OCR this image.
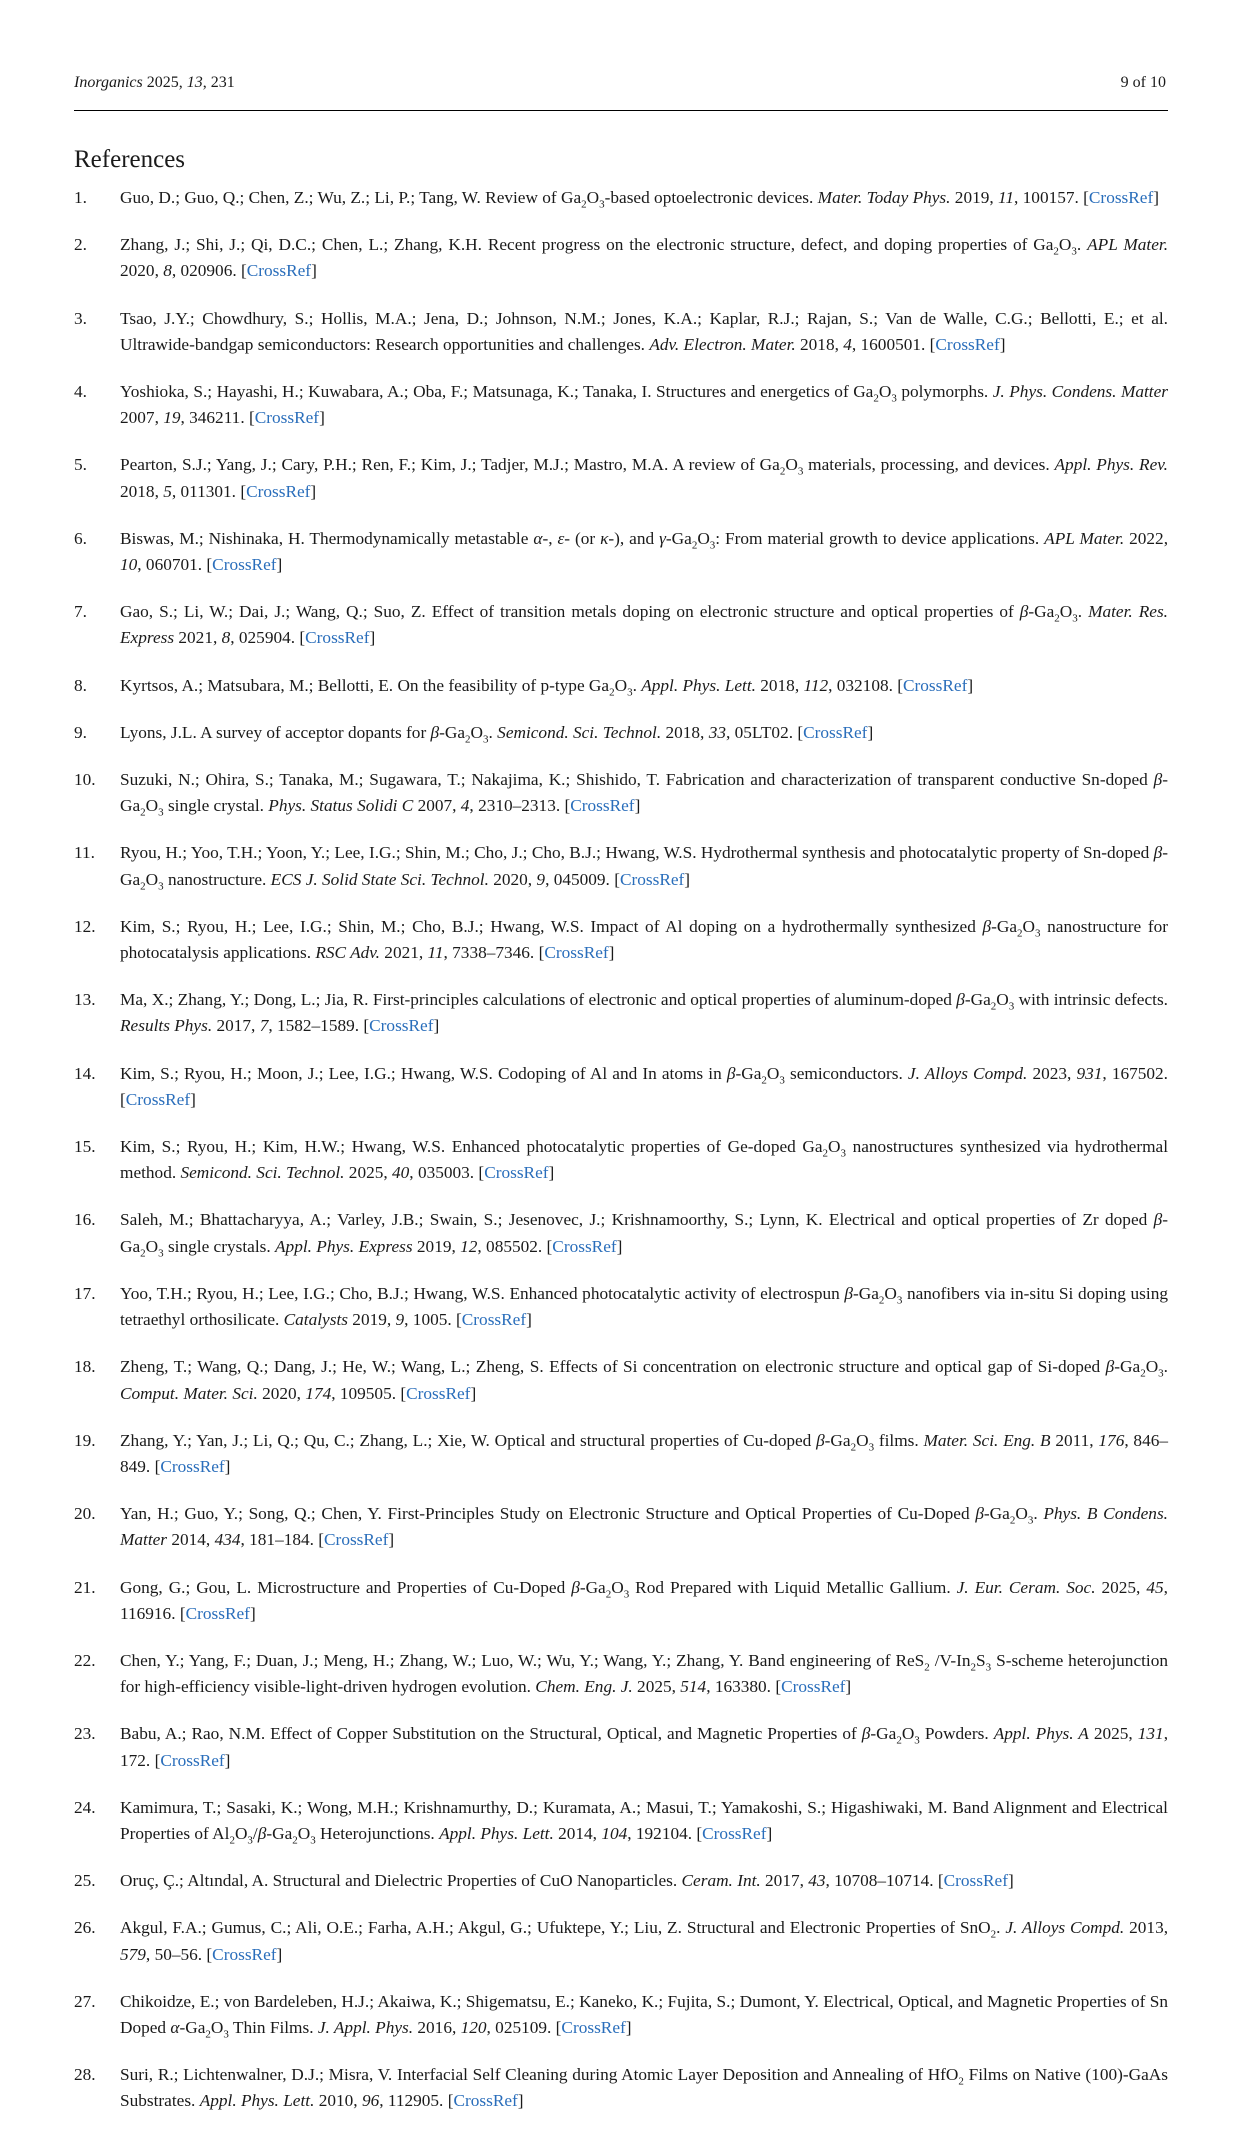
Inorganics 2025, 13, 231	9 of 10
References
1. Guo, D.; Guo, Q.; Chen, Z.; Wu, Z.; Li, P.; Tang, W. Review of $Ga_2O_3$-based optoelectronic devices. Mater. Today Phys. 2019, 11, 100157. [CrossRef]
2. Zhang, J.; Shi, J.; Qi, D.C.; Chen, L.; Zhang, K.H. Recent progress on the electronic structure, defect, and doping properties of $Ga_2O_3$. APL Mater. 2020, 8, 020906. [CrossRef]
3. Tsao, J.Y.; Chowdhury, S.; Hollis, M.A.; Jena, D.; Johnson, N.M.; Jones, K.A.; Kaplar, R.J.; Rajan, S.; Van de Walle, C.G.; Bellotti, E.; et al. Ultrawide-bandgap semiconductors: Research opportunities and challenges. Adv. Electron. Mater. 2018, 4, 1600501. [CrossRef]
4. Yoshioka, S.; Hayashi, H.; Kuwabara, A.; Oba, F.; Matsunaga, K.; Tanaka, I. Structures and energetics of $Ga_2O_3$ polymorphs. J. Phys. Condens. Matter 2007, 19, 346211. [CrossRef]
5. Pearton, S.J.; Yang, J.; Cary, P.H.; Ren, F.; Kim, J.; Tadjer, M.J.; Mastro, M.A. A review of $Ga_2O_3$ materials, processing, and devices. Appl. Phys. Rev. 2018, 5, 011301. [CrossRef]
6. Biswas, M.; Nishinaka, H. Thermodynamically metastable α-, ε- (or κ-), and $\gamma-Ga_2O_3$: From material growth to device applications. APL Mater. 2022, 10, 060701. [CrossRef]
7. Gao, S.; Li, W.; Dai, J.; Wang, Q.; Suo, Z. Effect of transition metals doping on electronic structure and optical properties of $\beta-Ga_2O_3$. Mater. Res. Express 2021, 8, 025904. [CrossRef]
8. Kyrtsos, A.; Matsubara, M.; Bellotti, E. On the feasibility of p-type $Ga_2O_3$. Appl. Phys. Lett. 2018, 112, 032108. [CrossRef]
9. Lyons, J.L. A survey of acceptor dopants for $\beta-Ga_2O_3$. Semicond. Sci. Technol. 2018, 33, 05LT02. [CrossRef]
10. Suzuki, N.; Ohira, S.; Tanaka, M.; Sugawara, T.; Nakajima, K.; Shishido, T. Fabrication and characterization of transparent conductive Sn-doped $\beta-Ga_2O_3$ single crystal. Phys. Status Solidi C 2007, 4, 2310–2313. [CrossRef]
11. Ryou, H.; Yoo, T.H.; Yoon, Y.; Lee, I.G.; Shin, M.; Cho, J.; Cho, B.J.; Hwang, W.S. Hydrothermal synthesis and photocatalytic property of Sn-doped $\beta-Ga_2O_3$ nanostructure. ECS J. Solid State Sci. Technol. 2020, 9, 045009. [CrossRef]
12. Kim, S.; Ryou, H.; Lee, I.G.; Shin, M.; Cho, B.J.; Hwang, W.S. Impact of Al doping on a hydrothermally synthesized $\beta-Ga_2O_3$ nanostructure for photocatalysis applications. RSC Adv. 2021, 11, 7338–7346. [CrossRef]
13. Ma, X.; Zhang, Y.; Dong, L.; Jia, R. First-principles calculations of electronic and optical properties of aluminum-doped $\beta-Ga_2O_3$ with intrinsic defects. Results Phys. 2017, 7, 1582–1589. [CrossRef]
14. Kim, S.; Ryou, H.; Moon, J.; Lee, I.G.; Hwang, W.S. Codoping of Al and In atoms in $\beta-Ga_2O_3$ semiconductors. J. Alloys Compd. 2023, 931, 167502. [CrossRef]
15. Kim, S.; Ryou, H.; Kim, H.W.; Hwang, W.S. Enhanced photocatalytic properties of Ge-doped $Ga_2O_3$ nanostructures synthesized via hydrothermal method. Semicond. Sci. Technol. 2025, 40, 035003. [CrossRef]
16. Saleh, M.; Bhattacharyya, A.; Varley, J.B.; Swain, S.; Jesenovec, J.; Krishnamoorthy, S.; Lynn, K. Electrical and optical properties of Zr doped $\beta-Ga_2O_3$ single crystals. Appl. Phys. Express 2019, 12, 085502. [CrossRef]
17. Yoo, T.H.; Ryou, H.; Lee, I.G.; Cho, B.J.; Hwang, W.S. Enhanced photocatalytic activity of electrospun $\beta-Ga_2O_3$ nanofibers via in-situ Si doping using tetraethyl orthosilicate. Catalysts 2019, 9, 1005. [CrossRef]
18. Zheng, T.; Wang, Q.; Dang, J.; He, W.; Wang, L.; Zheng, S. Effects of Si concentration on electronic structure and optical gap of Si-doped $\beta-Ga_2O_3$. Comput. Mater. Sci. 2020, 174, 109505. [CrossRef]
19. Zhang, Y.; Yan, J.; Li, Q.; Qu, C.; Zhang, L.; Xie, W. Optical and structural properties of Cu-doped $\beta-Ga_2O_3$ films. Mater. Sci. Eng. B 2011, 176, 846–849. [CrossRef]
20. Yan, H.; Guo, Y.; Song, Q.; Chen, Y. First-Principles Study on Electronic Structure and Optical Properties of Cu-Doped $\beta-Ga_2O_3$. Phys. B Condens. Matter 2014, 434, 181–184. [CrossRef]
21. Gong, G.; Gou, L. Microstructure and Properties of Cu-Doped $\beta-Ga_2O_3$ Rod Prepared with Liquid Metallic Gallium. J. Eur. Ceram. Soc. 2025, 45, 116916. [CrossRef]
22. Chen, Y.; Yang, F.; Duan, J.; Meng, H.; Zhang, W.; Luo, W.; Wu, Y.; Wang, Y.; Zhang, Y. Band engineering of ReS$_2$ $/V-In_2S_3$ S-scheme heterojunction for high-efficiency visible-light-driven hydrogen evolution. Chem. Eng. J. 2025, 514, 163380. [CrossRef]
23. Babu, A.; Rao, N.M. Effect of Copper Substitution on the Structural, Optical, and Magnetic Properties of $\beta-Ga_2O_3$ Powders. Appl. Phys. A 2025, 131, 172. [CrossRef]
24. Kamimura, T.; Sasaki, K.; Wong, M.H.; Krishnamurthy, D.; Kuramata, A.; Masui, T.; Yamakoshi, S.; Higashiwaki, M. Band Alignment and Electrical Properties of $Al_2O_3/\beta-Ga_2O_3$ Heterojunctions. Appl. Phys. Lett. 2014, 104, 192104. [CrossRef]
25. Oruç, Ç.; Altındal, A. Structural and Dielectric Properties of CuO Nanoparticles. Ceram. Int. 2017, 43, 10708–10714. [CrossRef]
26. Akgul, F.A.; Gumus, C.; Ali, O.E.; Farha, A.H.; Akgul, G.; Ufuktepe, Y.; Liu, Z. Structural and Electronic Properties of SnO$_2$. J. Alloys Compd. 2013, 579, 50–56. [CrossRef]
27. Chikoidze, E.; von Bardeleben, H.J.; Akaiwa, K.; Shigematsu, E.; Kaneko, K.; Fujita, S.; Dumont, Y. Electrical, Optical, and Magnetic Properties of Sn Doped $\alpha-Ga_2O_3$ Thin Films. J. Appl. Phys. 2016, 120, 025109. [CrossRef]
28. Suri, R.; Lichtenwalner, D.J.; Misra, V. Interfacial Self Cleaning during Atomic Layer Deposition and Annealing of HfO$_2$ Films on Native (100)-GaAs Substrates. Appl. Phys. Lett. 2010, 96, 112905. [CrossRef]
